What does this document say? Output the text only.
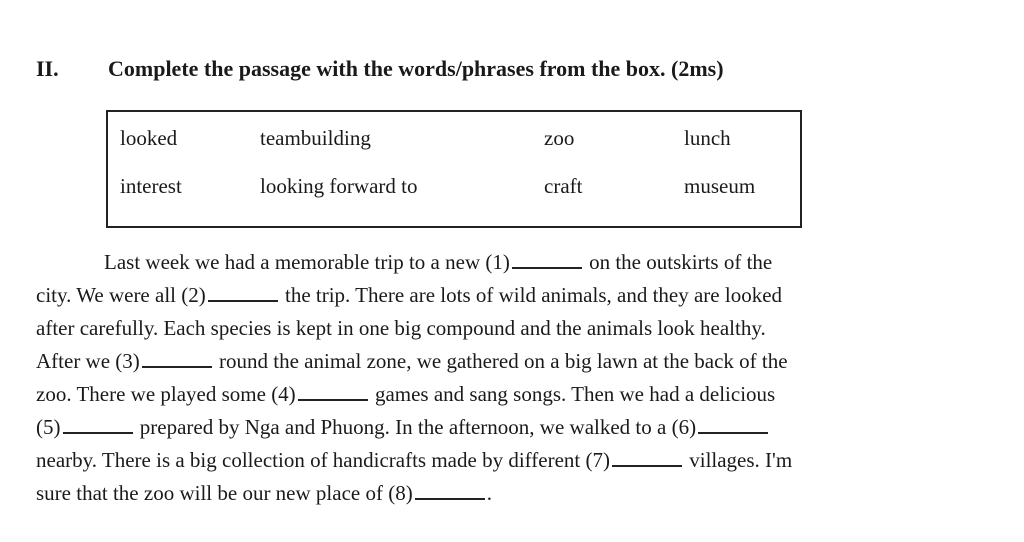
II. Complete the passage with the words/phrases from the box. (2ms)
looked	teambuilding	zoo	lunch
interest	looking forward to	craft	museum
Last week we had a memorable trip to a new (1)	on the outskirts of the
city. We were all (2)	the trip. There are lots of wild animals, and they are looked
after carefully. Each species is kept in one big compound and the animals look healthy.
After we (3)	round the animal zone, we gathered on a big lawn at the back of the
zoo. There we played some (4)	games and sang songs. Then we had a delicious
(5)	prepared by Nga and Phuong. In the afternoon, we walked to a (6)
nearby. There is a big collection of handicrafts made by different (7)	villages. I'm
sure that the zoo will be our new place of (8)	.
